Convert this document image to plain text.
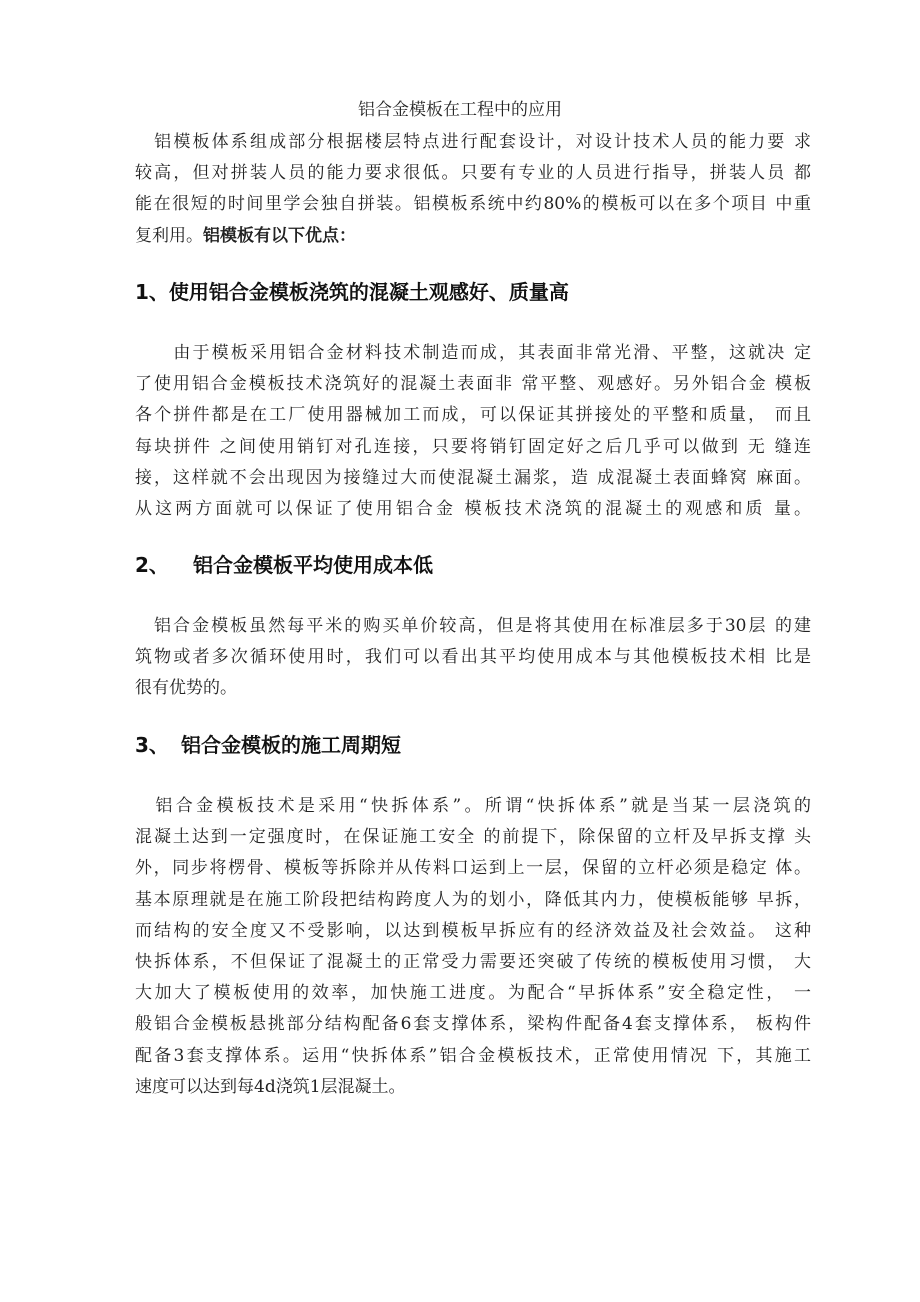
铝合金模板在工程中的应用
　铝模板体系组成部分根据楼层特点进行配套设计，对设计技术人员的能力要 求
较高，但对拼装人员的能力要求很低。只要有专业的人员进行指导，拼装人员 都
能在很短的时间里学会独自拼装。铝模板系统中约80%的模板可以在多个项目 中重
复利用。铝模板有以下优点：
1、使用铝合金模板浇筑的混凝土观感好、质量高
　　由于模板采用铝合金材料技术制造而成，其表面非常光滑、平整，这就决 定
了使用铝合金模板技术浇筑好的混凝土表面非 常平整、观感好。另外铝合金 模板
各个拼件都是在工厂使用器械加工而成，可以保证其拼接处的平整和质量， 而且
每块拼件 之间使用销钉对孔连接，只要将销钉固定好之后几乎可以做到 无 缝连
接，这样就不会出现因为接缝过大而使混凝土漏浆，造 成混凝土表面蜂窝 麻面。
从这两方面就可以保证了使用铝合金 模板技术浇筑的混凝土的观感和质 量。
2、 铝合金模板平均使用成本低
　铝合金模板虽然每平米的购买单价较高，但是将其使用在标准层多于30层 的建
筑物或者多次循环使用时，我们可以看出其平均使用成本与其他模板技术相 比是
很有优势的。
3、 铝合金模板的施工周期短
　铝合金模板技术是采用“快拆体系”。所谓“快拆体系”就是当某一层浇筑的
混凝土达到一定强度时，在保证施工安全 的前提下，除保留的立杆及早拆支撑 头
外，同步将楞骨、模板等拆除并从传料口运到上一层，保留的立杆必须是稳定 体。
基本原理就是在施工阶段把结构跨度人为的划小，降低其内力，使模板能够 早拆，
而结构的安全度又不受影响，以达到模板早拆应有的经济效益及社会效益。 这种
快拆体系，不但保证了混凝土的正常受力需要还突破了传统的模板使用习惯， 大
大加大了模板使用的效率，加快施工进度。为配合“早拆体系”安全稳定性， 一
般铝合金模板悬挑部分结构配备6套支撑体系，梁构件配备4套支撑体系， 板构件
配备3套支撑体系。运用“快拆体系”铝合金模板技术，正常使用情况 下，其施工
速度可以达到每4d浇筑1层混凝土。
